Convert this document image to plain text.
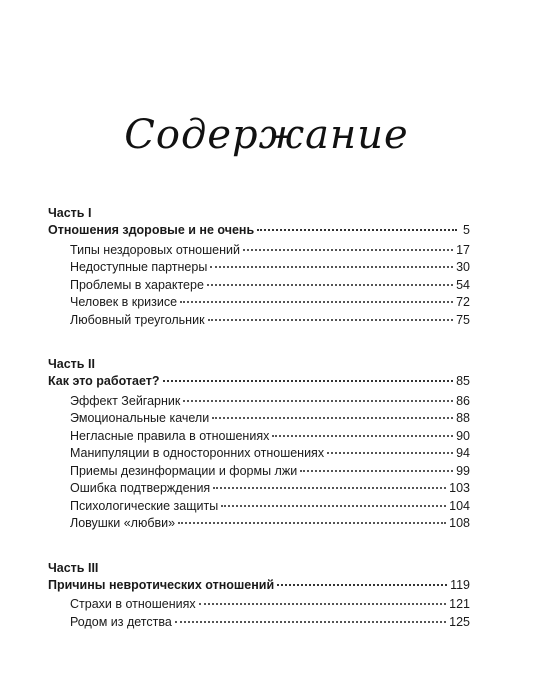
Содержание
Часть I
Отношения здоровые и не очень	5
Типы нездоровых отношений	17
Недоступные партнеры	30
Проблемы в характере	54
Человек в кризисе	72
Любовный треугольник	75
Часть II
Как это работает?	85
Эффект Зейгарник	86
Эмоциональные качели	88
Негласные правила в отношениях	90
Манипуляции в односторонних отношениях	94
Приемы дезинформации и формы лжи	99
Ошибка подтверждения	103
Психологические защиты	104
Ловушки «любви»	108
Часть III
Причины невротических отношений	119
Страхи в отношениях	121
Родом из детства	125
